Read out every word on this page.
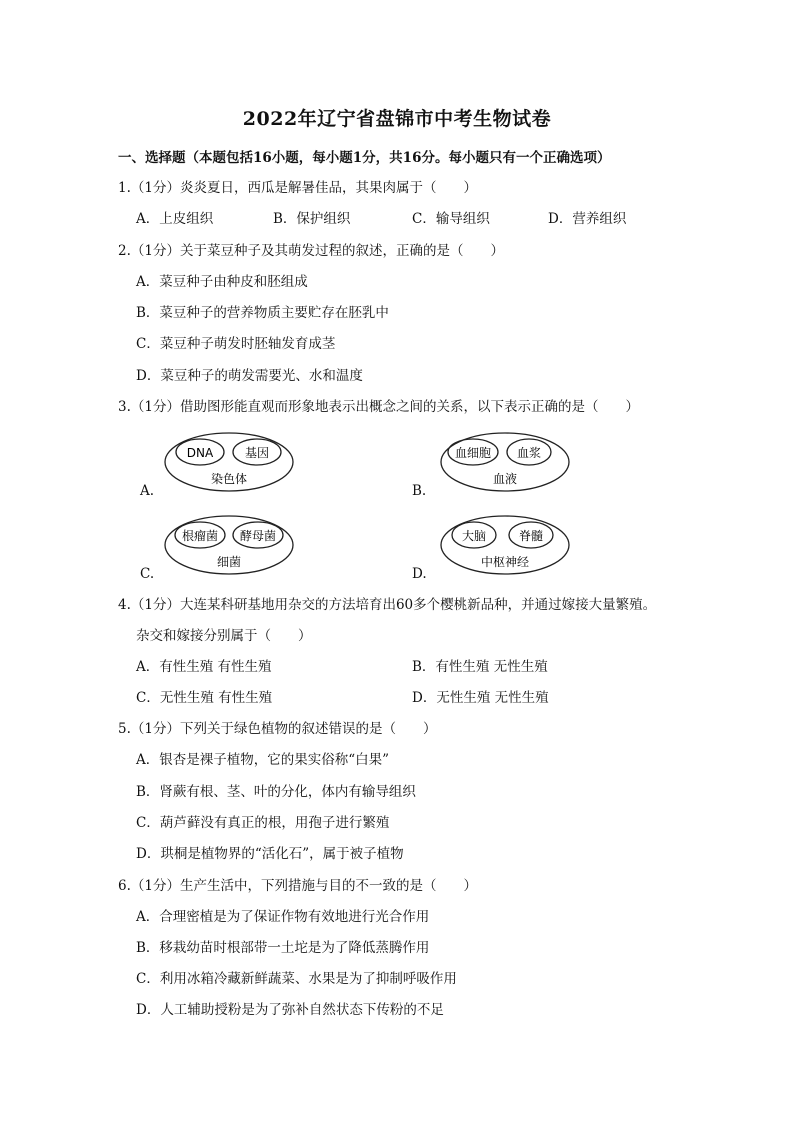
2022年辽宁省盘锦市中考生物试卷
一、选择题（本题包括16小题，每小题1分，共16分。每小题只有一个正确选项）
1.（1分）炎炎夏日，西瓜是解暑佳品，其果肉属于（　　）
A．上皮组织	B．保护组织	C．输导组织	D．营养组织
2.（1分）关于菜豆种子及其萌发过程的叙述，正确的是（　　）
A．菜豆种子由种皮和胚组成
B．菜豆种子的营养物质主要贮存在胚乳中
C．菜豆种子萌发时胚轴发育成茎
D．菜豆种子的萌发需要光、水和温度
3.（1分）借助图形能直观而形象地表示出概念之间的关系，以下表示正确的是（　　）
DNA	基因
染色体
A.
血细胞 血浆
血液
B.
根瘤菌 酵母菌
细菌
C.
大脑	脊髓
中枢神经
D.
4.（1分）大连某科研基地用杂交的方法培育出60多个樱桃新品种，并通过嫁接大量繁殖。
杂交和嫁接分别属于（　　）
A．有性生殖 有性生殖	B．有性生殖 无性生殖
C．无性生殖 有性生殖	D．无性生殖 无性生殖
5.（1分）下列关于绿色植物的叙述错误的是（　　）
A．银杏是裸子植物，它的果实俗称“白果”
B．肾蕨有根、茎、叶的分化，体内有输导组织
C．葫芦藓没有真正的根，用孢子进行繁殖
D．珙桐是植物界的“活化石”，属于被子植物
6.（1分）生产生活中，下列措施与目的不一致的是（　　）
A．合理密植是为了保证作物有效地进行光合作用
B．移栽幼苗时根部带一土坨是为了降低蒸腾作用
C．利用冰箱冷藏新鲜蔬菜、水果是为了抑制呼吸作用
D．人工辅助授粉是为了弥补自然状态下传粉的不足
